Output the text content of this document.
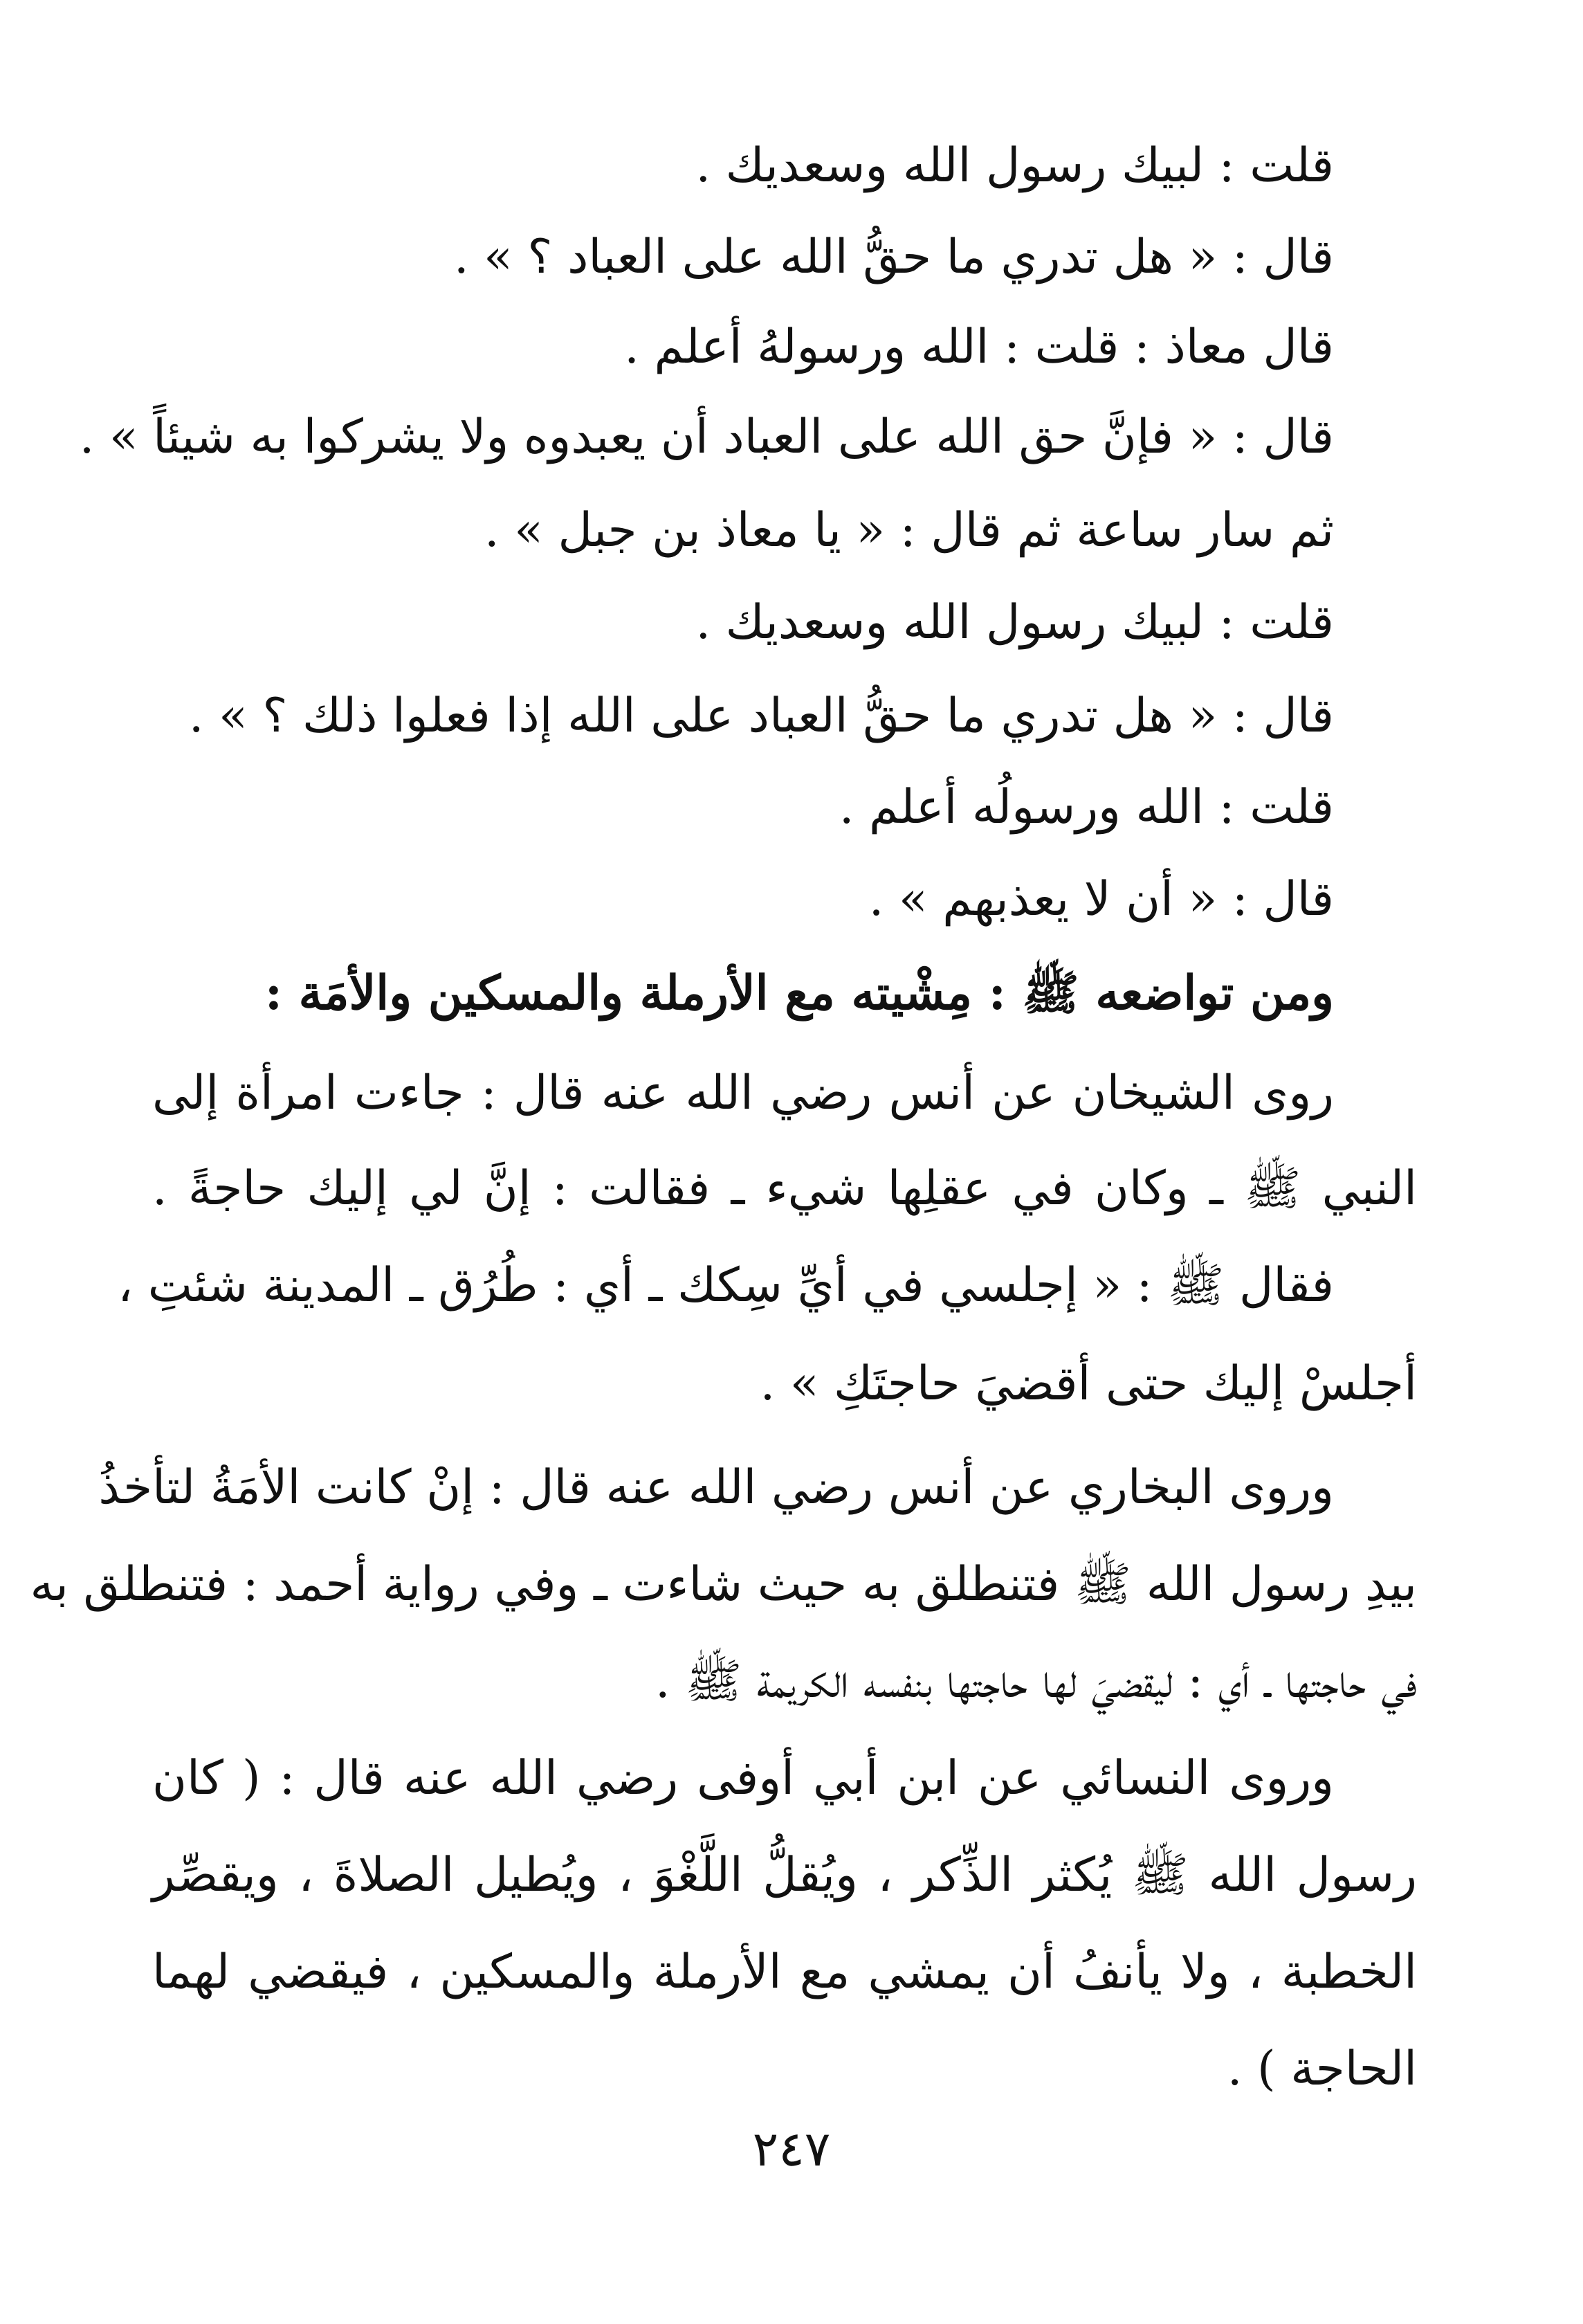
قلت : لبيك رسول الله وسعديك .
قال : « هل تدري ما حقُّ الله على العباد ؟ » .
قال معاذ : قلت : الله ورسولهُ أعلم .
قال : « فإنَّ حق الله على العباد أن يعبدوه ولا يشركوا به شيئاً » .
ثم سار ساعة ثم قال : « يا معاذ بن جبل » .
قلت : لبيك رسول الله وسعديك .
قال : « هل تدري ما حقُّ العباد على الله إذا فعلوا ذلك ؟ » .
قلت : الله ورسولُه أعلم .
قال : « أن لا يعذبهم » .
ومن تواضعه ﷺ : مِشْيته مع الأرملة والمسكين والأمَة :
روى الشيخان عن أنس رضي الله عنه قال : جاءت امرأة إلى
النبي ﷺ ـ وكان في عقلِها شيء ـ فقالت : إنَّ لي إليك حاجةً .
فقال ﷺ : « إجلسي في أيِّ سِكك ـ أي : طُرُق ـ المدينة شئتِ ،
أجلسْ إليك حتى أقضيَ حاجتَكِ » .
وروى البخاري عن أنس رضي الله عنه قال : إنْ كانت الأمَةُ لتأخذُ
بيدِ رسول الله ﷺ فتنطلق به حيث شاءت ـ وفي رواية أحمد : فتنطلق به
في حاجتها ـ أي : ليقضيَ لها حاجتها بنفسه الكريمة ﷺ .
وروى النسائي عن ابن أبي أوفى رضي الله عنه قال : ( كان
رسول الله ﷺ يُكثر الذِّكر ، ويُقلُّ اللَّغْوَ ، ويُطيل الصلاةَ ، ويقصِّر
الخطبة ، ولا يأنفُ أن يمشي مع الأرملة والمسكين ، فيقضي لهما
الحاجة ) .
٢٤٧
